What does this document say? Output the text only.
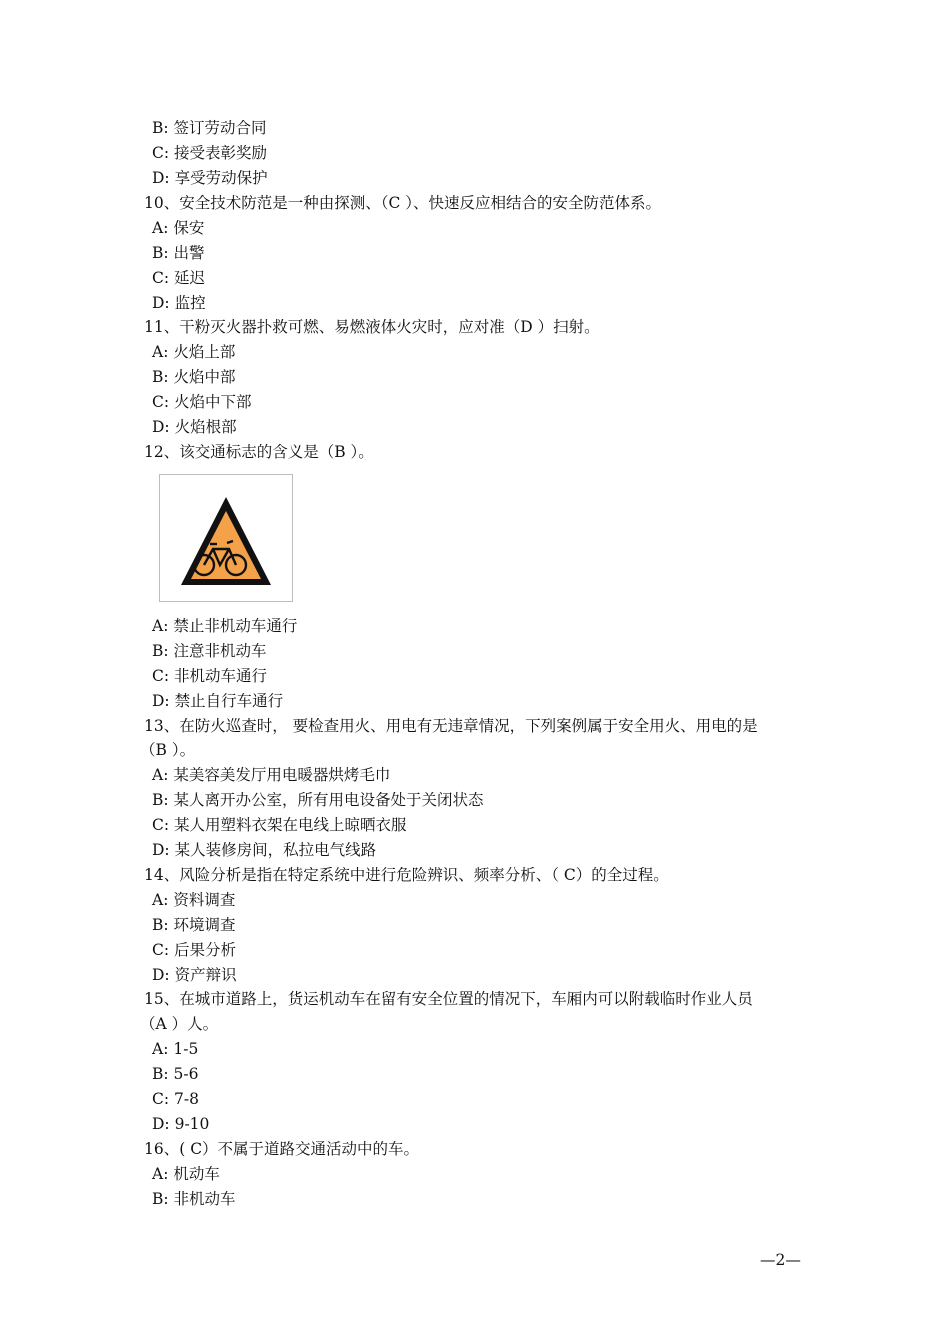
B: 签订劳动合同
C: 接受表彰奖励
D: 享受劳动保护
10、安全技术防范是一种由探测、（C ）、快速反应相结合的安全防范体系。
A: 保安
B: 出警
C: 延迟
D: 监控
11、干粉灭火器扑救可燃、易燃液体火灾时，应对准（D ）扫射。
A: 火焰上部
B: 火焰中部
C: 火焰中下部
D: 火焰根部
12、该交通标志的含义是（B ）。
A: 禁止非机动车通行
B: 注意非机动车
C: 非机动车通行
D: 禁止自行车通行
13、在防火巡查时， 要检查用火、用电有无违章情况，下列案例属于安全用火、用电的是
（B ）。
A: 某美容美发厅用电暖器烘烤毛巾
B: 某人离开办公室，所有用电设备处于关闭状态
C: 某人用塑料衣架在电线上晾晒衣服
D: 某人装修房间，私拉电气线路
14、风险分析是指在特定系统中进行危险辨识、频率分析、（ C）的全过程。
A: 资料调查
B: 环境调查
C: 后果分析
D: 资产辩识
15、在城市道路上，货运机动车在留有安全位置的情况下，车厢内可以附载临时作业人员
（A ）人。
A: 1-5
B: 5-6
C: 7-8
D: 9-10
16、( C）不属于道路交通活动中的车。
A: 机动车
B: 非机动车
—2—
